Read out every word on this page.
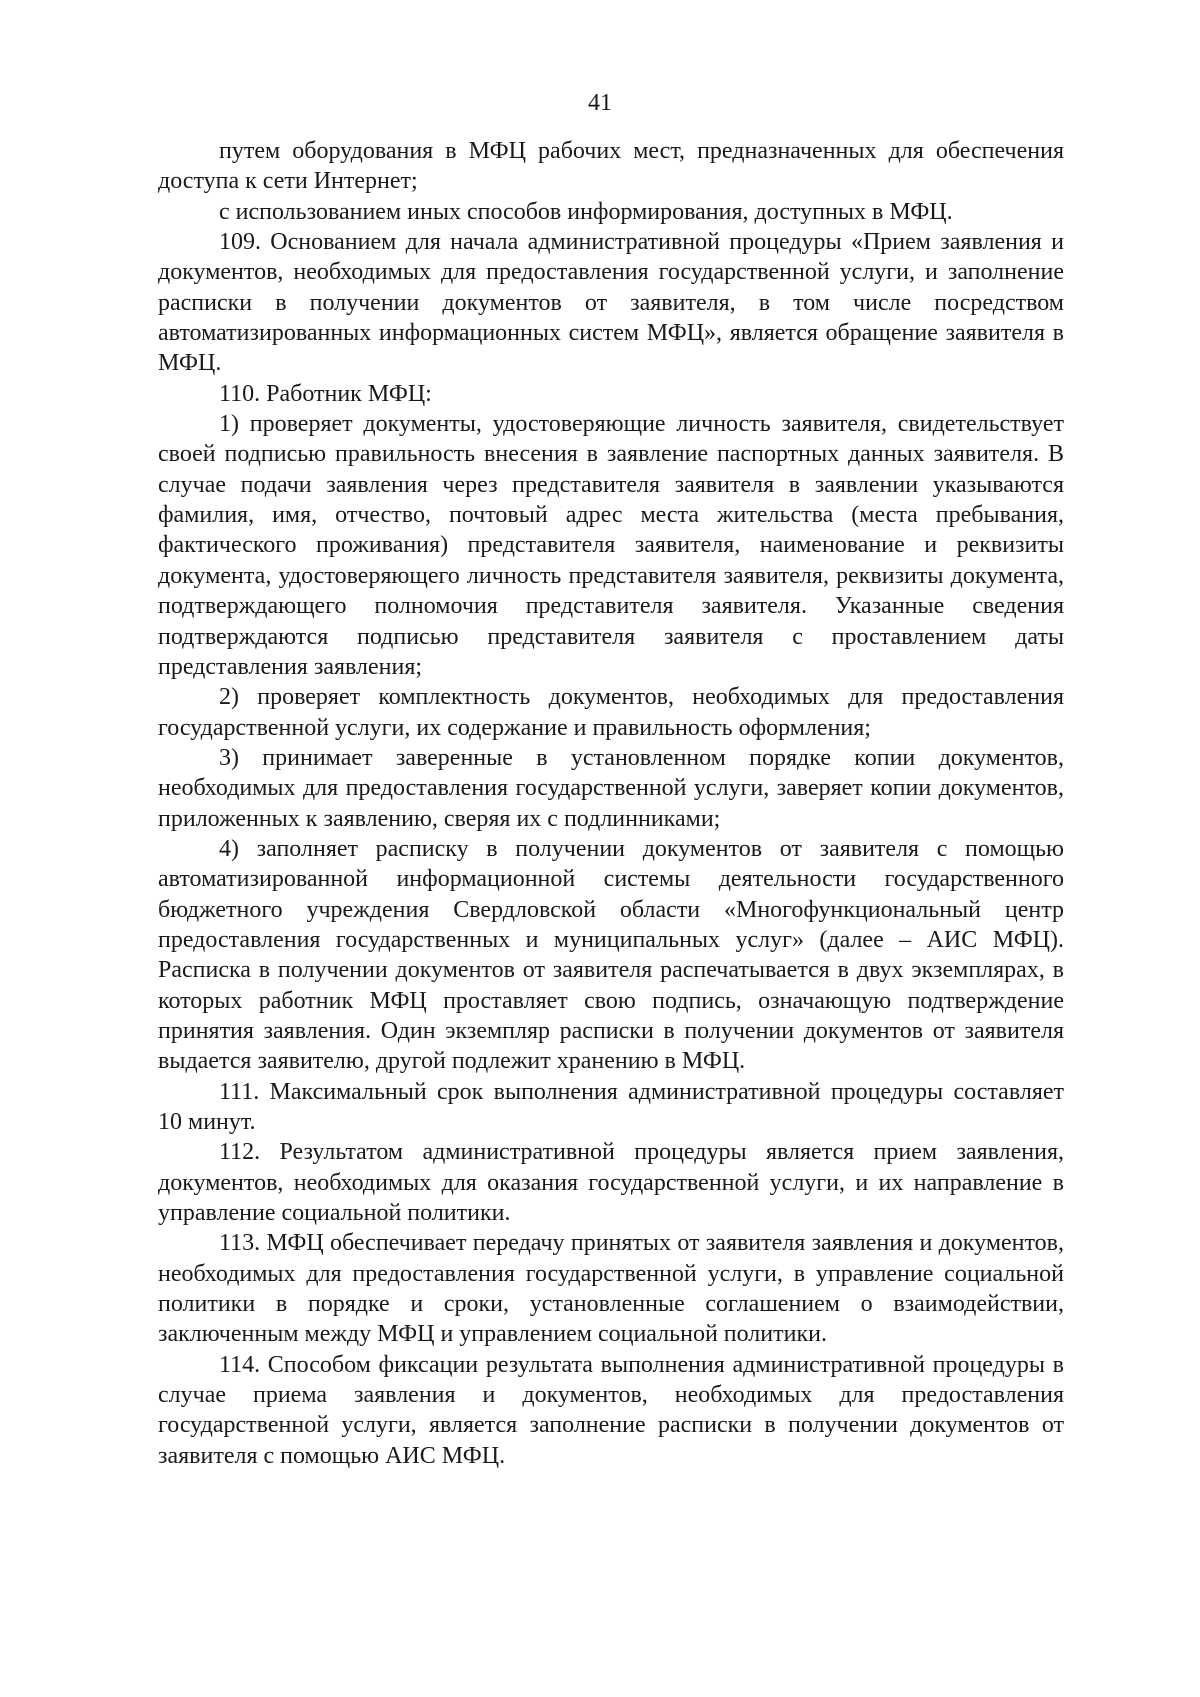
41

путем оборудования в МФЦ рабочих мест, предназначенных для обеспечения доступа к сети Интернет;

с использованием иных способов информирования, доступных в МФЦ.

109. Основанием для начала административной процедуры «Прием заявления и документов, необходимых для предоставления государственной услуги, и заполнение расписки в получении документов от заявителя, в том числе посредством автоматизированных информационных систем МФЦ», является обращение заявителя в МФЦ.

110. Работник МФЦ:

1) проверяет документы, удостоверяющие личность заявителя, свидетельствует своей подписью правильность внесения в заявление паспортных данных заявителя. В случае подачи заявления через представителя заявителя в заявлении указываются фамилия, имя, отчество, почтовый адрес места жительства (места пребывания, фактического проживания) представителя заявителя, наименование и реквизиты документа, удостоверяющего личность представителя заявителя, реквизиты документа, подтверждающего полномочия представителя заявителя. Указанные сведения подтверждаются подписью представителя заявителя с проставлением даты представления заявления;

2) проверяет комплектность документов, необходимых для предоставления государственной услуги, их содержание и правильность оформления;

3) принимает заверенные в установленном порядке копии документов, необходимых для предоставления государственной услуги, заверяет копии документов, приложенных к заявлению, сверяя их с подлинниками;

4) заполняет расписку в получении документов от заявителя с помощью автоматизированной информационной системы деятельности государственного бюджетного учреждения Свердловской области «Многофункциональный центр предоставления государственных и муниципальных услуг» (далее – АИС МФЦ). Расписка в получении документов от заявителя распечатывается в двух экземплярах, в которых работник МФЦ проставляет свою подпись, означающую подтверждение принятия заявления. Один экземпляр расписки в получении документов от заявителя выдается заявителю, другой подлежит хранению в МФЦ.

111. Максимальный срок выполнения административной процедуры составляет 10 минут.

112. Результатом административной процедуры является прием заявления, документов, необходимых для оказания государственной услуги, и их направление в управление социальной политики.

113. МФЦ обеспечивает передачу принятых от заявителя заявления и документов, необходимых для предоставления государственной услуги, в управление социальной политики в порядке и сроки, установленные соглашением о взаимодействии, заключенным между МФЦ и управлением социальной политики.

114. Способом фиксации результата выполнения административной процедуры в случае приема заявления и документов, необходимых для предоставления государственной услуги, является заполнение расписки в получении документов от заявителя с помощью АИС МФЦ.
